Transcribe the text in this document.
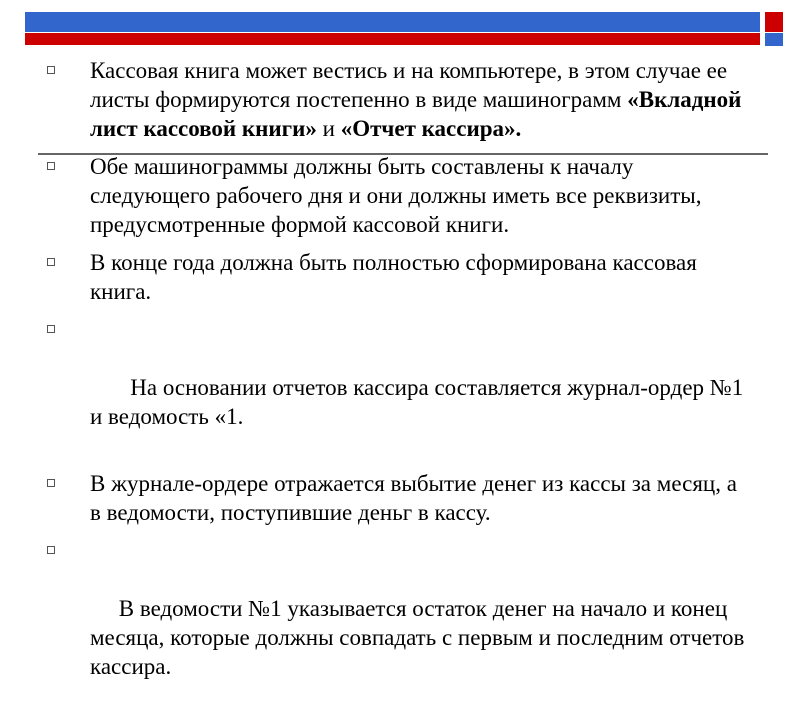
Кассовая книга может вестись и на компьютере, в этом случае ее листы формируются постепенно в виде машинограмм «Вкладной лист кассовой книги» и «Отчет кассира».
Обе машинограммы должны быть составлены к началу следующего рабочего дня и они должны иметь все реквизиты, предусмотренные формой кассовой книги.
В конце года должна быть полностью сформирована кассовая книга.

На основании отчетов кассира составляется журнал-ордер №1 и ведомость «1.

В журнале-ордере отражается выбытие денег из кассы за месяц, а в ведомости, поступившие деньг в кассу.

В ведомости №1 указывается остаток денег на начало и конец месяца, которые должны совпадать с первым и последним отчетов кассира.
